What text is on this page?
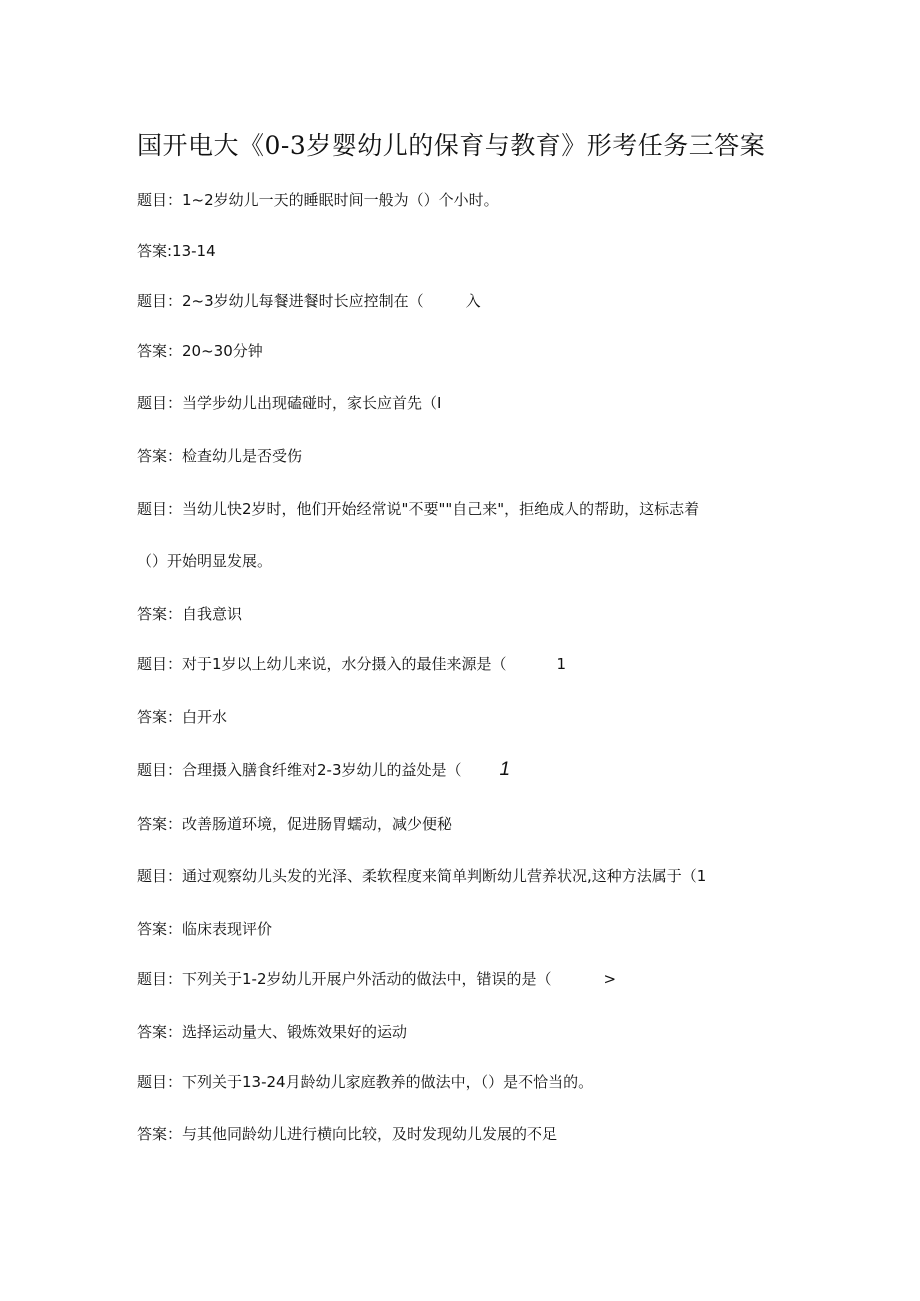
国开电大《0-3岁婴幼儿的保育与教育》形考任务三答案
题目：1~2岁幼儿一天的睡眠时间一般为（）个小时。
答案:13-14
题目：2~3岁幼儿每餐进餐时长应控制在（	入
答案：20~30分钟
题目：当学步幼儿出现磕碰时，家长应首先（I
答案：检查幼儿是否受伤
题目：当幼儿快2岁时，他们开始经常说"不要""自己来"，拒绝成人的帮助，这标志着
（）开始明显发展。
答案：自我意识
题目：对于1岁以上幼儿来说，水分摄入的最佳来源是（	1
答案：白开水
题目：合理摄入膳食纤维对2-3岁幼儿的益处是（ 1
答案：改善肠道环境，促进肠胃蠕动，减少便秘
题目：通过观察幼儿头发的光泽、柔软程度来简单判断幼儿营养状况,这种方法属于（1
答案：临床表现评价
题目：下列关于1-2岁幼儿开展户外活动的做法中，错误的是（	>
答案：选择运动量大、锻炼效果好的运动
题目：下列关于13-24月龄幼儿家庭教养的做法中，（）是不恰当的。
答案：与其他同龄幼儿进行横向比较，及时发现幼儿发展的不足
